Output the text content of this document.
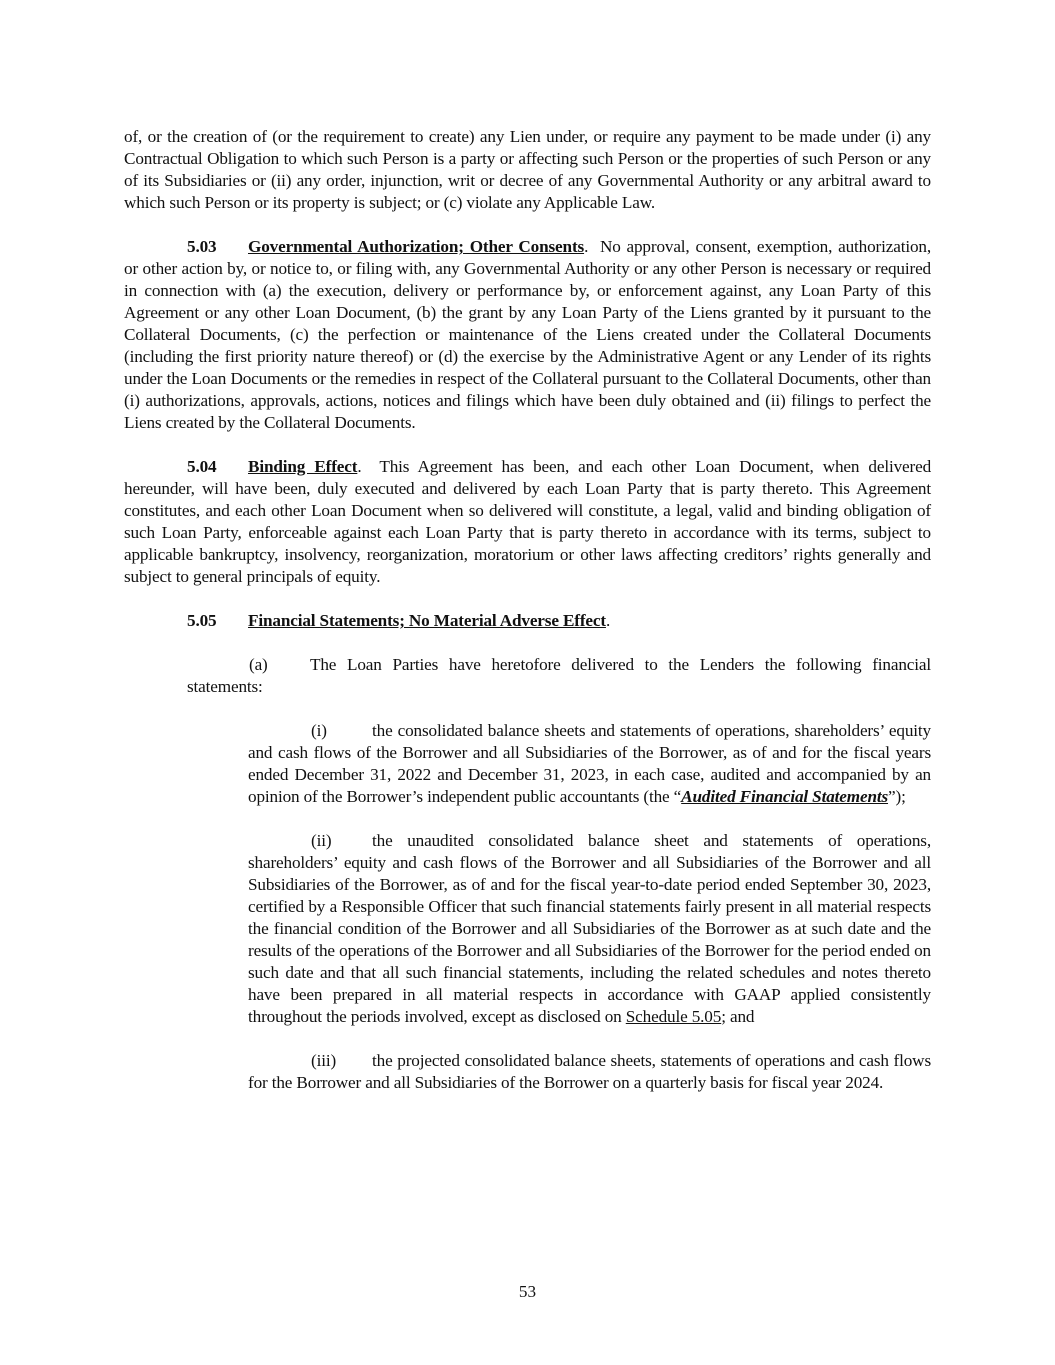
of, or the creation of (or the requirement to create) any Lien under, or require any payment to be made under (i) any Contractual Obligation to which such Person is a party or affecting such Person or the properties of such Person or any of its Subsidiaries or (ii) any order, injunction, writ or decree of any Governmental Authority or any arbitral award to which such Person or its property is subject; or (c) violate any Applicable Law.

5.03 Governmental Authorization; Other Consents.  No approval, consent, exemption, authorization, or other action by, or notice to, or filing with, any Governmental Authority or any other Person is necessary or required in connection with (a) the execution, delivery or performance by, or enforcement against, any Loan Party of this Agreement or any other Loan Document, (b) the grant by any Loan Party of the Liens granted by it pursuant to the Collateral Documents, (c) the perfection or maintenance of the Liens created under the Collateral Documents (including the first priority nature thereof) or (d) the exercise by the Administrative Agent or any Lender of its rights under the Loan Documents or the remedies in respect of the Collateral pursuant to the Collateral Documents, other than (i) authorizations, approvals, actions, notices and filings which have been duly obtained and (ii) filings to perfect the Liens created by the Collateral Documents.

5.04 Binding Effect.  This Agreement has been, and each other Loan Document, when delivered hereunder, will have been, duly executed and delivered by each Loan Party that is party thereto. This Agreement constitutes, and each other Loan Document when so delivered will constitute, a legal, valid and binding obligation of such Loan Party, enforceable against each Loan Party that is party thereto in accordance with its terms, subject to applicable bankruptcy, insolvency, reorganization, moratorium or other laws affecting creditors’ rights generally and subject to general principals of equity.

5.05 Financial Statements; No Material Adverse Effect.

(a) The Loan Parties have heretofore delivered to the Lenders the following financial statements:

(i)	the consolidated balance sheets and statements of operations, shareholders’ equity and cash flows of the Borrower and all Subsidiaries of the Borrower, as of and for the fiscal years ended December 31, 2022 and December 31, 2023, in each case, audited and accompanied by an opinion of the Borrower’s independent public accountants (the “Audited Financial Statements”);

(ii) the unaudited consolidated balance sheet and statements of operations, shareholders’ equity and cash flows of the Borrower and all Subsidiaries of the Borrower and all Subsidiaries of the Borrower, as of and for the fiscal year-to-date period ended September 30, 2023, certified by a Responsible Officer that such financial statements fairly present in all material respects the financial condition of the Borrower and all Subsidiaries of the Borrower as at such date and the results of the operations of the Borrower and all Subsidiaries of the Borrower for the period ended on such date and that all such financial statements, including the related schedules and notes thereto have been prepared in all material respects in accordance with GAAP applied consistently throughout the periods involved, except as disclosed on Schedule 5.05; and

(iii) the projected consolidated balance sheets, statements of operations and cash flows for the Borrower and all Subsidiaries of the Borrower on a quarterly basis for fiscal year 2024.

53
